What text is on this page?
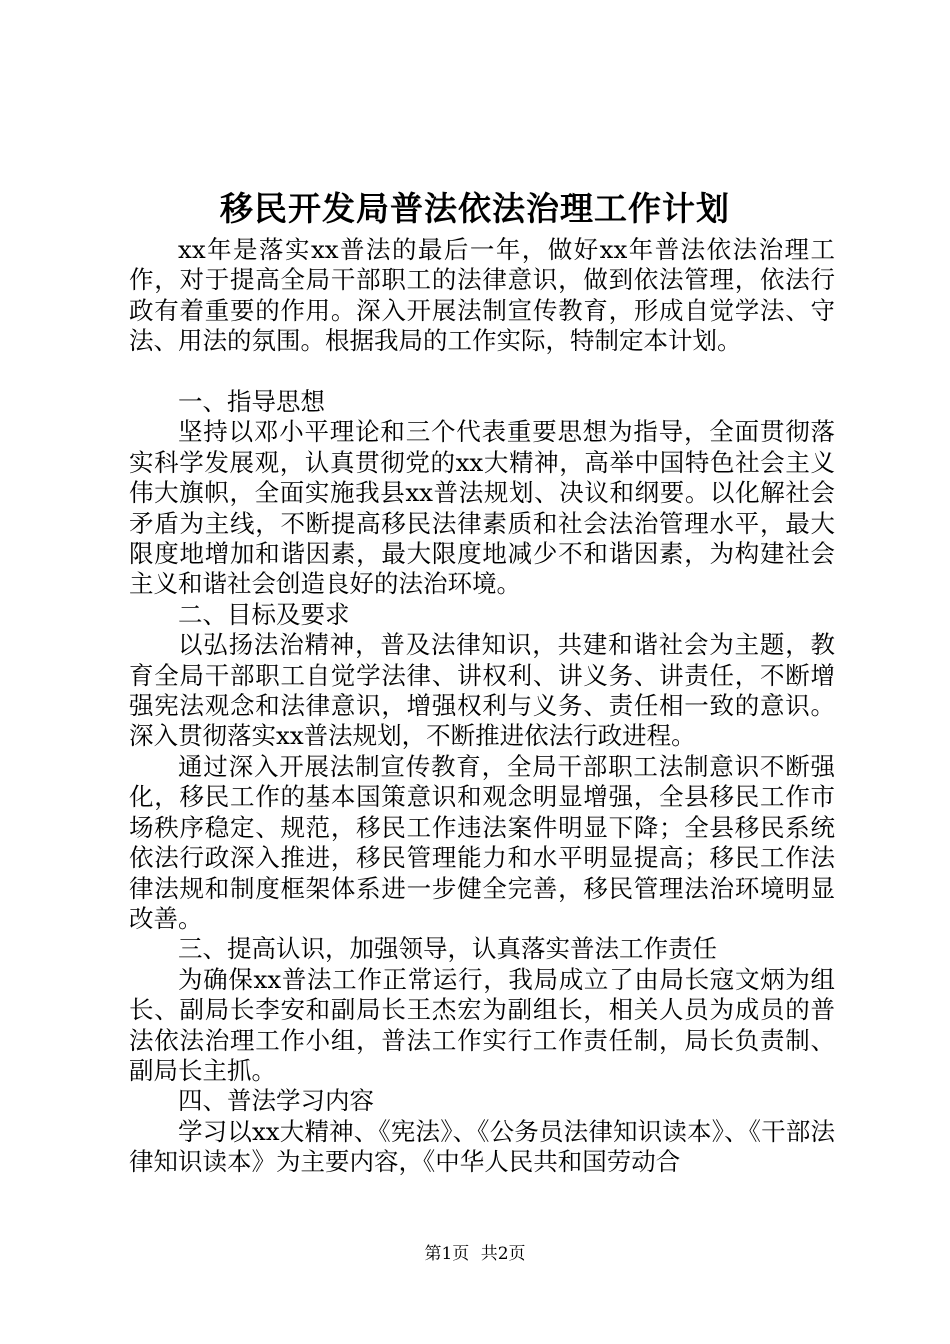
移民开发局普法依法治理工作计划

xx年是落实xx普法的最后一年，做好xx年普法依法治理工作，对于提高全局干部职工的法律意识，做到依法管理，依法行政有着重要的作用。深入开展法制宣传教育，形成自觉学法、守法、用法的氛围。根据我局的工作实际，特制定本计划。

一、指导思想

坚持以邓小平理论和三个代表重要思想为指导，全面贯彻落实科学发展观，认真贯彻党的xx大精神，高举中国特色社会主义伟大旗帜，全面实施我县xx普法规划、决议和纲要。以化解社会矛盾为主线，不断提高移民法律素质和社会法治管理水平，最大限度地增加和谐因素，最大限度地减少不和谐因素，为构建社会主义和谐社会创造良好的法治环境。

二、目标及要求

以弘扬法治精神，普及法律知识，共建和谐社会为主题，教育全局干部职工自觉学法律、讲权利、讲义务、讲责任，不断增强宪法观念和法律意识，增强权利与义务、责任相一致的意识。深入贯彻落实xx普法规划，不断推进依法行政进程。

通过深入开展法制宣传教育，全局干部职工法制意识不断强化，移民工作的基本国策意识和观念明显增强，全县移民工作市场秩序稳定、规范，移民工作违法案件明显下降；全县移民系统依法行政深入推进，移民管理能力和水平明显提高；移民工作法律法规和制度框架体系进一步健全完善，移民管理法治环境明显改善。

三、提高认识，加强领导，认真落实普法工作责任

为确保xx普法工作正常运行，我局成立了由局长寇文炳为组长、副局长李安和副局长王杰宏为副组长，相关人员为成员的普法依法治理工作小组，普法工作实行工作责任制，局长负责制、副局长主抓。

四、普法学习内容

学习以xx大精神、《宪法》、《公务员法律知识读本》、《干部法律知识读本》为主要内容，《中华人民共和国劳动合

第1页 共2页
